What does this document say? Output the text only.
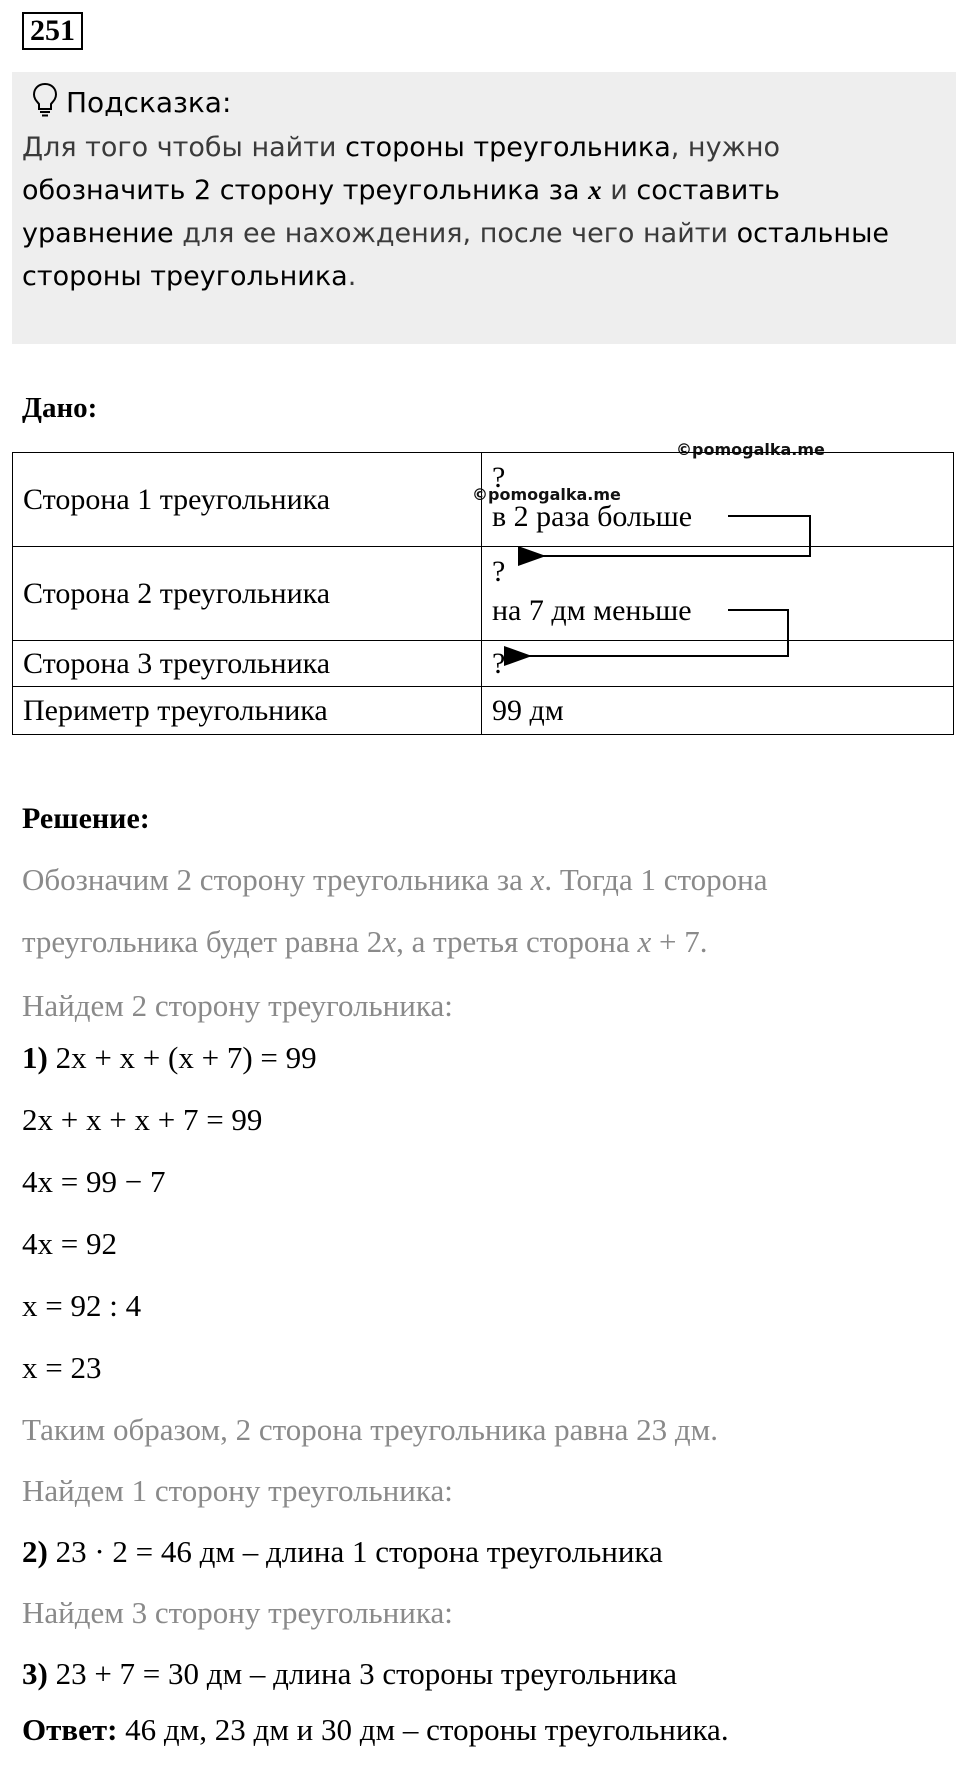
251
Подсказка:
Для того чтобы найти стороны треугольника, нужно
обозначить 2 сторону треугольника за x и составить
уравнение для ее нахождения, после чего найти остальные
стороны треугольника.
Дано:
©pomogalka.me
Сторона 1 треугольника	?
в 2 раза больше

Сторона 2 треугольника	?
на 7 дм меньше

Сторона 3 треугольника	?
Периметр треугольника	99 дм
©pomogalka.me
Решение:
Обозначим 2 сторону треугольника за x. Тогда 1 сторона
треугольника будет равна 2x, а третья сторона x + 7.
Найдем 2 сторону треугольника:
1) 2x + x + (x + 7) = 99
2x + x + x + 7 = 99
4x = 99 − 7
4x = 92
x = 92 : 4
x = 23
Таким образом, 2 сторона треугольника равна 23 дм.
Найдем 1 сторону треугольника:
2) 23 · 2 = 46 дм – длина 1 сторона треугольника
Найдем 3 сторону треугольника:
3) 23 + 7 = 30 дм – длина 3 стороны треугольника
Ответ: 46 дм, 23 дм и 30 дм – стороны треугольника.
